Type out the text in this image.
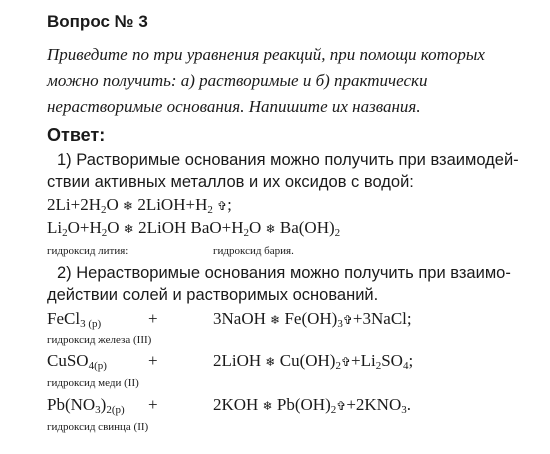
Вопрос № 3
Приведите по три уравнения реакций, при помощи которых
можно получить: а) растворимые и б) практически
нерастворимые основания. Напишите их названия.
Ответ:
1) Растворимые основания можно получить при взаимодей-
ствии активных металлов и их оксидов с водой:
$2Li+2H_2O$ ❄ $2LiOH+H_2$ ✞;
$Li_2O+H_2O$ ❄ 2LiOH $BaO+H_2O$ ❄ $Ba(OH)_2$
гидроксид лития:	гидроксид бария.
2) Нерастворимые основания можно получить при взаимо-
действии солей и растворимых оснований.
FeCl$_{3 (р)}$	+	3NaOH ❄ $Fe(OH)_3✞+3NaCl$;
гидроксид железа (III)
CuSO$_{4(р)}$ +	2LiOH ❄ $Cu(OH)_2✞+Li_2SO_4$;
гидроксид меди (II)
$Pb(NO_3)_{2(р)}$ +	2KOH ❄ $Pb(OH)_2✞+2KNO_3$.
гидроксид свинца (II)
